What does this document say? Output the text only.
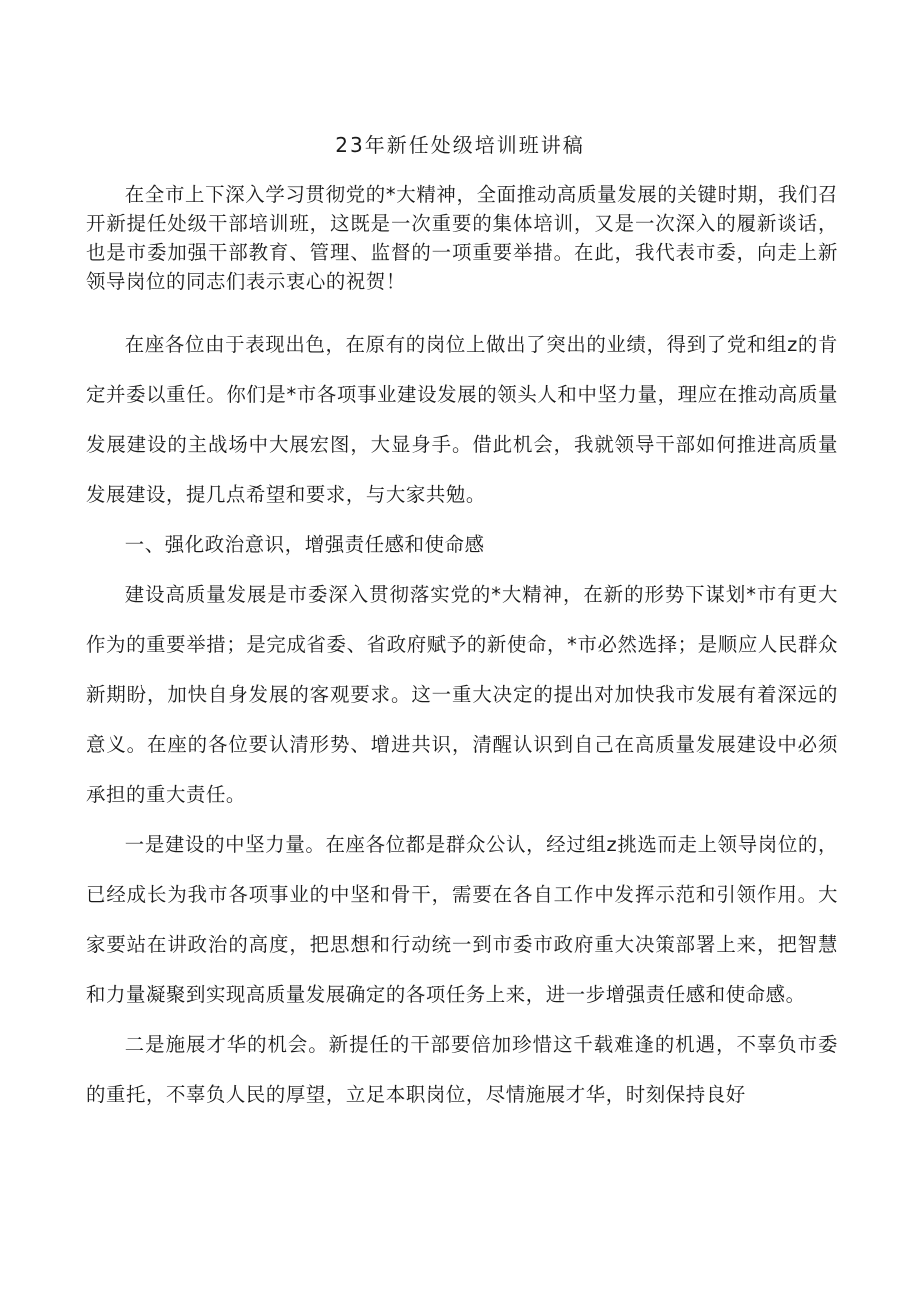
23年新任处级培训班讲稿

在全市上下深入学习贯彻党的*大精神，全面推动高质量发展的关键时期，我们召开新提任处级干部培训班，这既是一次重要的集体培训，又是一次深入的履新谈话，也是市委加强干部教育、管理、监督的一项重要举措。在此，我代表市委，向走上新领导岗位的同志们表示衷心的祝贺！

在座各位由于表现出色，在原有的岗位上做出了突出的业绩，得到了党和组z的肯定并委以重任。你们是*市各项事业建设发展的领头人和中坚力量，理应在推动高质量发展建设的主战场中大展宏图，大显身手。借此机会，我就领导干部如何推进高质量发展建设，提几点希望和要求，与大家共勉。

一、强化政治意识，增强责任感和使命感

建设高质量发展是市委深入贯彻落实党的*大精神，在新的形势下谋划*市有更大作为的重要举措；是完成省委、省政府赋予的新使命，*市必然选择；是顺应人民群众新期盼，加快自身发展的客观要求。这一重大决定的提出对加快我市发展有着深远的意义。在座的各位要认清形势、增进共识，清醒认识到自己在高质量发展建设中必须承担的重大责任。

一是建设的中坚力量。在座各位都是群众公认，经过组z挑选而走上领导岗位的，已经成长为我市各项事业的中坚和骨干，需要在各自工作中发挥示范和引领作用。大家要站在讲政治的高度，把思想和行动统一到市委市政府重大决策部署上来，把智慧和力量凝聚到实现高质量发展确定的各项任务上来，进一步增强责任感和使命感。

二是施展才华的机会。新提任的干部要倍加珍惜这千载难逢的机遇，不辜负市委的重托，不辜负人民的厚望，立足本职岗位，尽情施展才华，时刻保持良好
